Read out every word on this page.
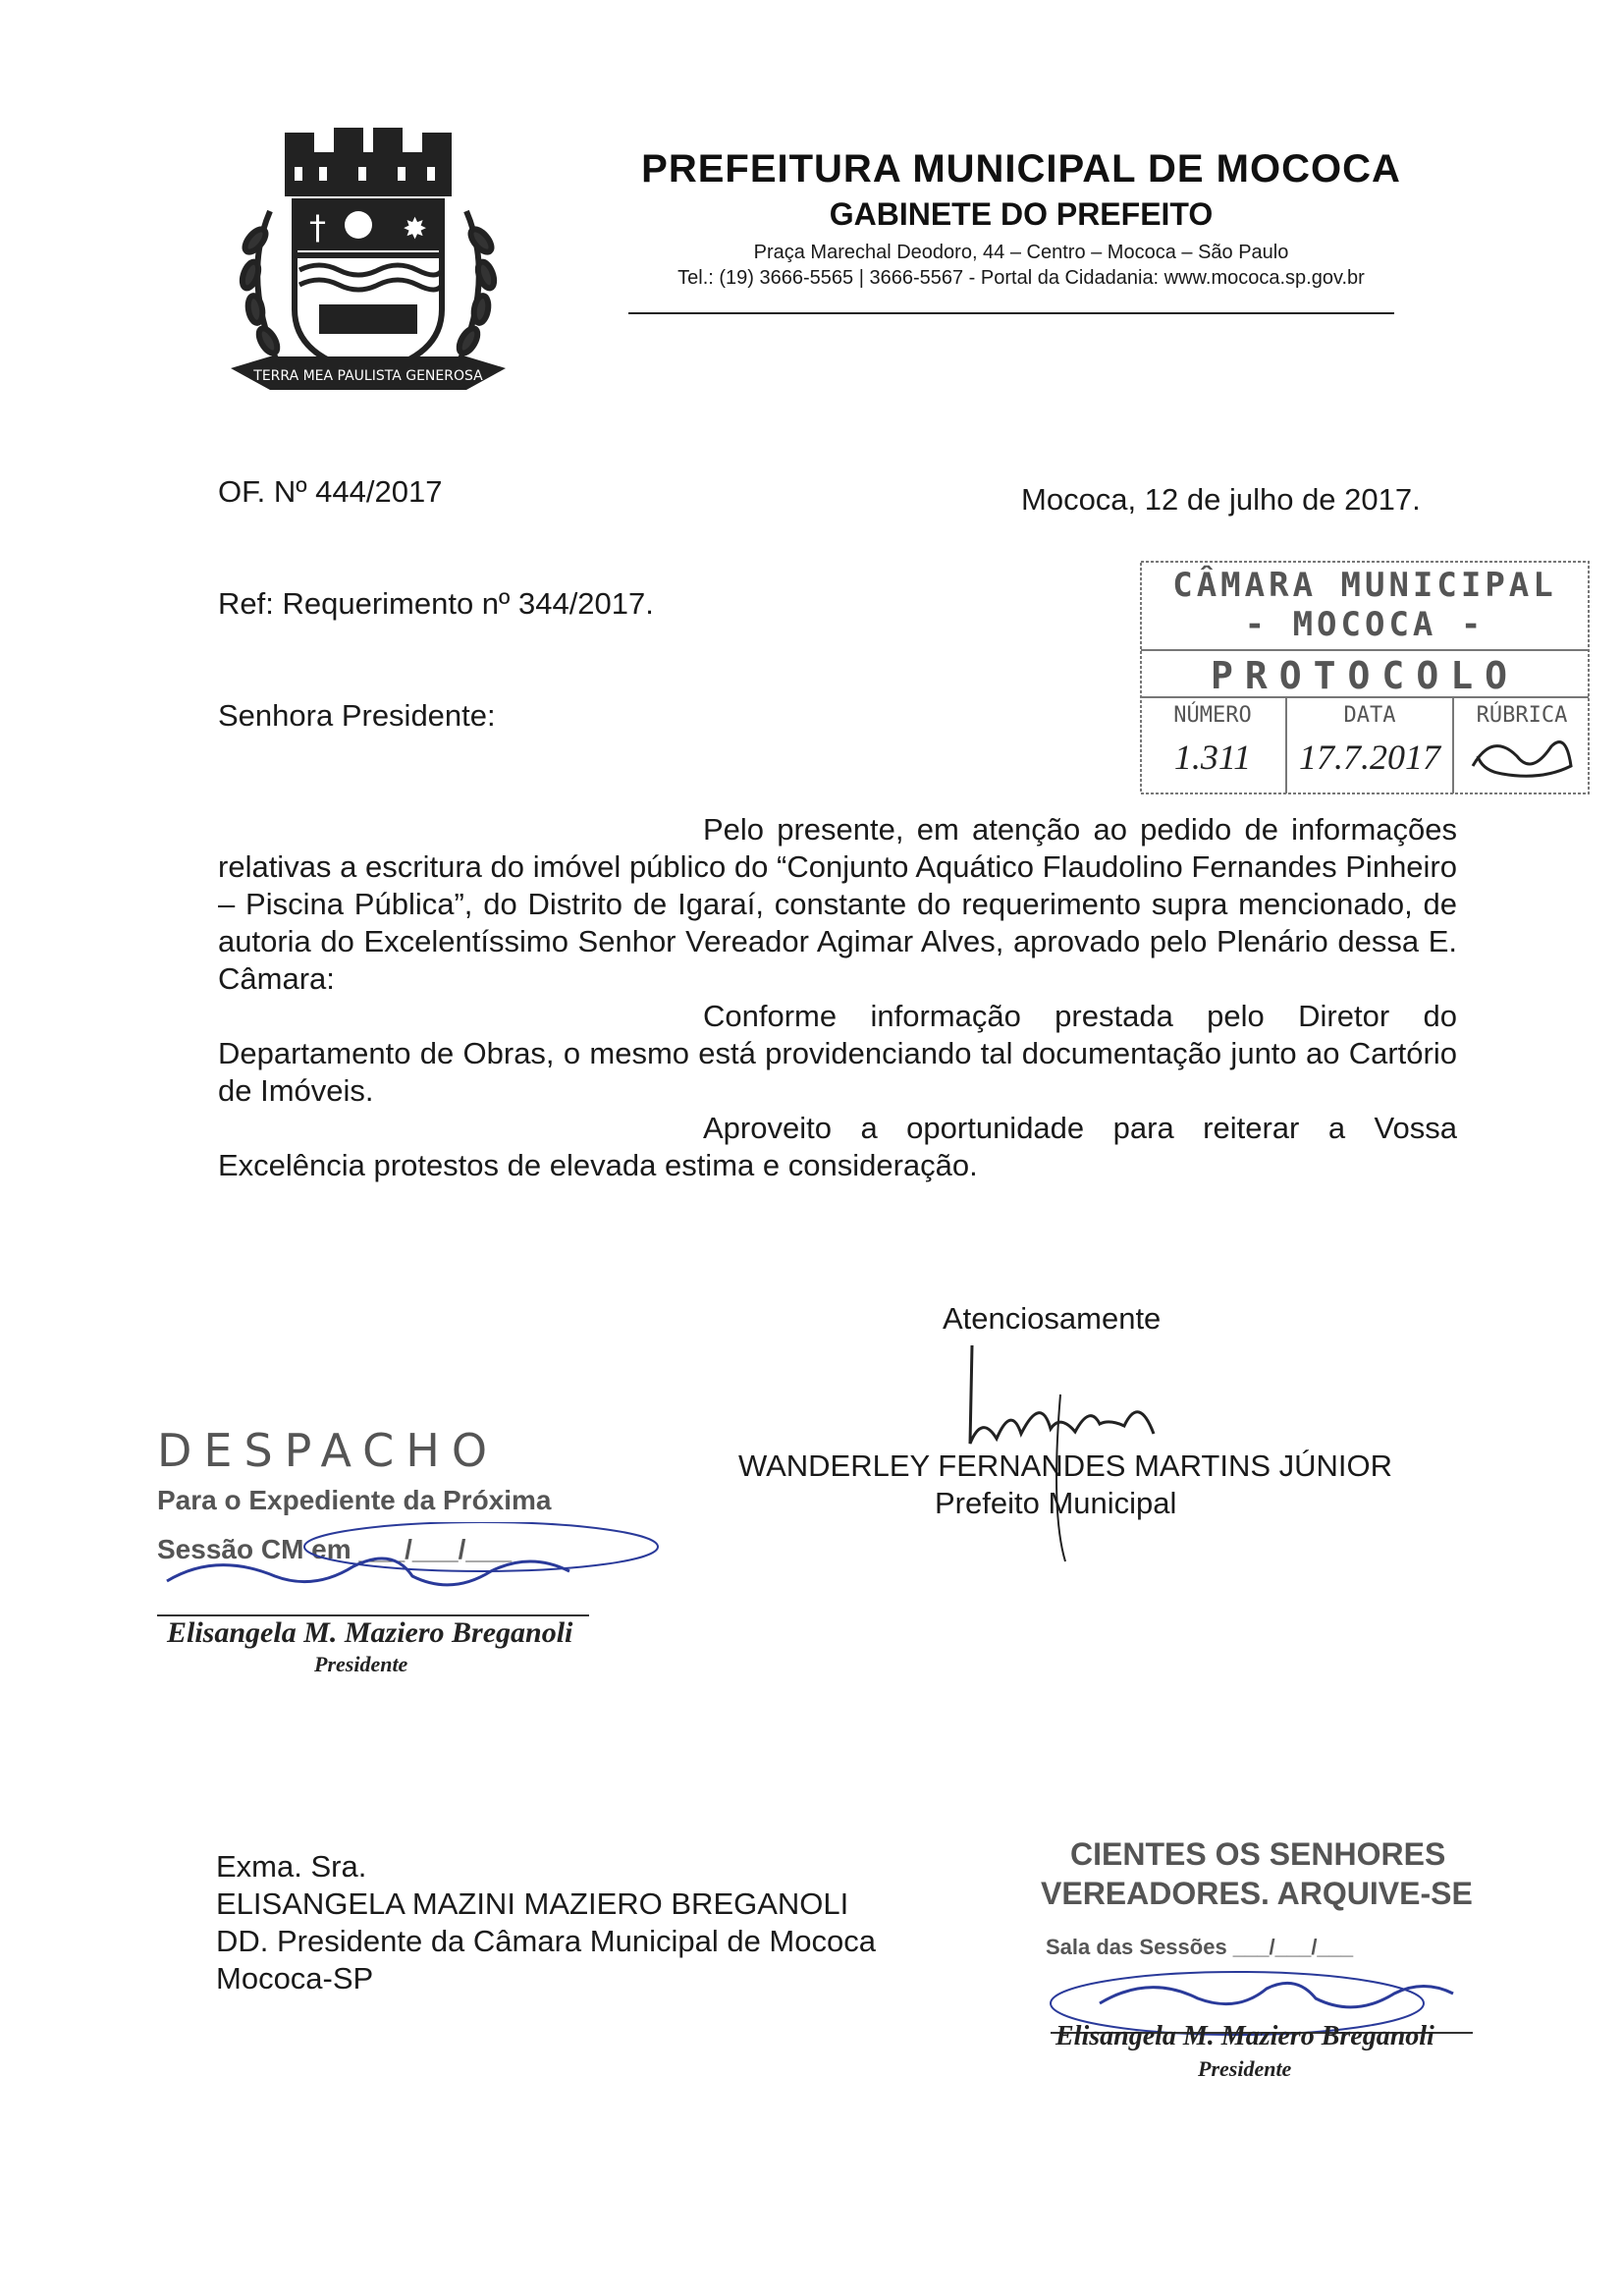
†	✸
TERRA MEA PAULISTA GENEROSA
PREFEITURA MUNICIPAL DE MOCOCA
GABINETE DO PREFEITO
Praça Marechal Deodoro, 44 – Centro – Mococa – São Paulo
Tel.: (19) 3666-5565 | 3666-5567 - Portal da Cidadania: www.mococa.sp.gov.br
OF. Nº 444/2017	Mococa, 12 de julho de 2017.
Ref: Requerimento nº 344/2017.
Senhora Presidente:
CÂMARA MUNICIPAL
- MOCOCA -
PROTOCOLO
NÚMERO	DATA	RÚBRICA
1.311	17.7.2017

Pelo presente, em atenção ao pedido de informações relativas a escritura do imóvel público do “Conjunto Aquático Flaudolino Fernandes Pinheiro – Piscina Pública”, do Distrito de Igaraí, constante do requerimento supra mencionado, de autoria do Excelentíssimo Senhor Vereador Agimar Alves, aprovado pelo Plenário dessa E. Câmara:

Conforme informação prestada pelo Diretor do Departamento de Obras, o mesmo está providenciando tal documentação junto ao Cartório de Imóveis.

Aproveito a oportunidade para reiterar a Vossa Excelência protestos de elevada estima e consideração.

Atenciosamente
WANDERLEY FERNANDES MARTINS JÚNIOR
Prefeito Municipal
DESPACHO
Para o Expediente da Próxima
Sessão CM em ___/___/___
Elisangela M. Maziero Breganoli
Presidente
Exma. Sra.
ELISANGELA MAZINI MAZIERO BREGANOLI
DD. Presidente da Câmara Municipal de Mococa
Mococa-SP
CIENTES OS SENHORES
VEREADORES. ARQUIVE-SE
Sala das Sessões ___/___/___
Elisangela M. Maziero Breganoli
Presidente
